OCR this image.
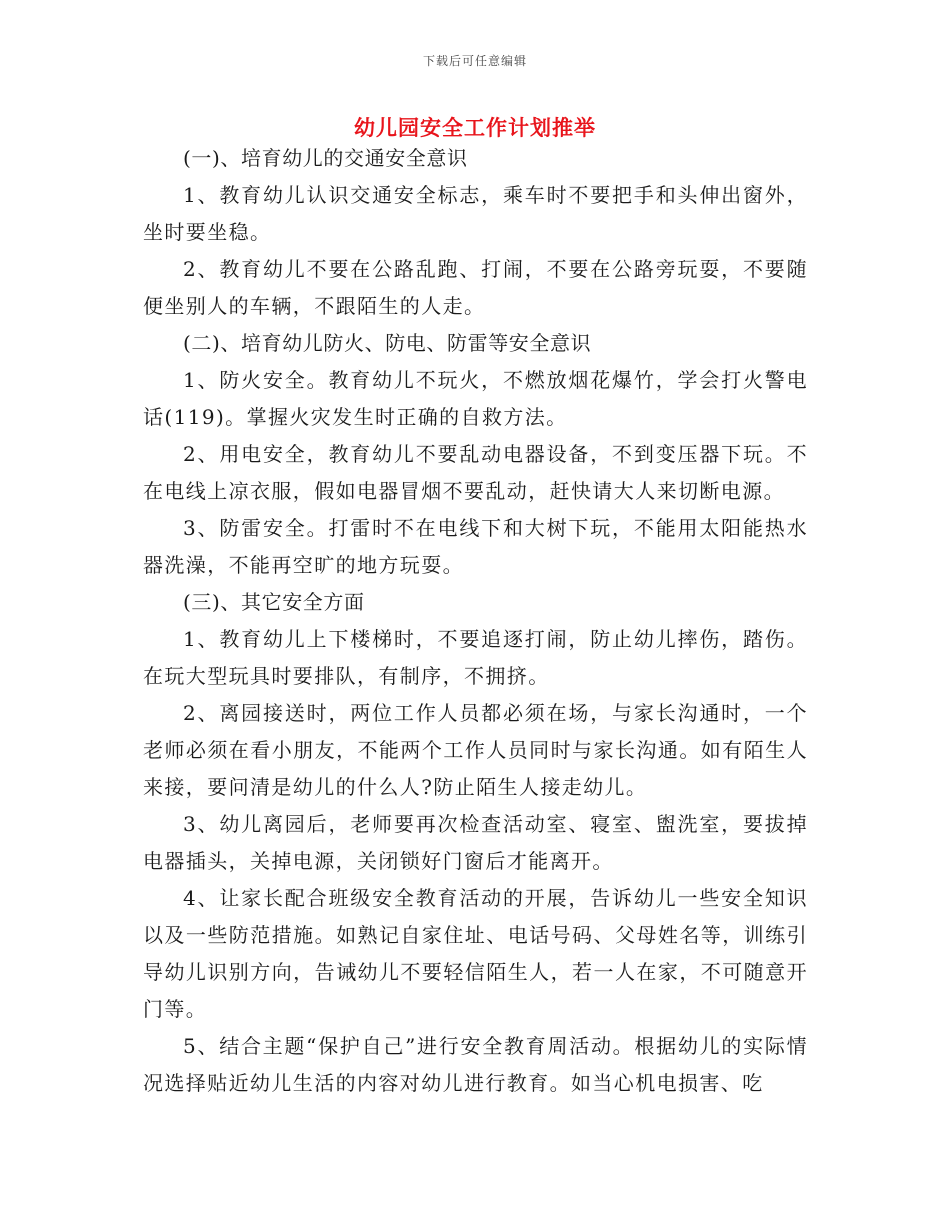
下载后可任意编辑
幼儿园安全工作计划推举

(一)、培育幼儿的交通安全意识

1、教育幼儿认识交通安全标志，乘车时不要把手和头伸出窗外，坐时要坐稳。

2、教育幼儿不要在公路乱跑、打闹，不要在公路旁玩耍，不要随便坐别人的车辆，不跟陌生的人走。

(二)、培育幼儿防火、防电、防雷等安全意识

1、防火安全。教育幼儿不玩火，不燃放烟花爆竹，学会打火警电话(119)。掌握火灾发生时正确的自救方法。

2、用电安全，教育幼儿不要乱动电器设备，不到变压器下玩。不在电线上凉衣服，假如电器冒烟不要乱动，赶快请大人来切断电源。

3、防雷安全。打雷时不在电线下和大树下玩，不能用太阳能热水器洗澡，不能再空旷的地方玩耍。

(三)、其它安全方面

1、教育幼儿上下楼梯时，不要追逐打闹，防止幼儿摔伤，踏伤。在玩大型玩具时要排队，有制序，不拥挤。

2、离园接送时，两位工作人员都必须在场，与家长沟通时，一个老师必须在看小朋友，不能两个工作人员同时与家长沟通。如有陌生人来接，要问清是幼儿的什么人?防止陌生人接走幼儿。

3、幼儿离园后，老师要再次检查活动室、寝室、盥洗室，要拔掉电器插头，关掉电源，关闭锁好门窗后才能离开。

4、让家长配合班级安全教育活动的开展，告诉幼儿一些安全知识以及一些防范措施。如熟记自家住址、电话号码、父母姓名等，训练引导幼儿识别方向，告诫幼儿不要轻信陌生人，若一人在家，不可随意开门等。

5、结合主题“保护自己”进行安全教育周活动。根据幼儿的实际情况选择贴近幼儿生活的内容对幼儿进行教育。如当心机电损害、吃
